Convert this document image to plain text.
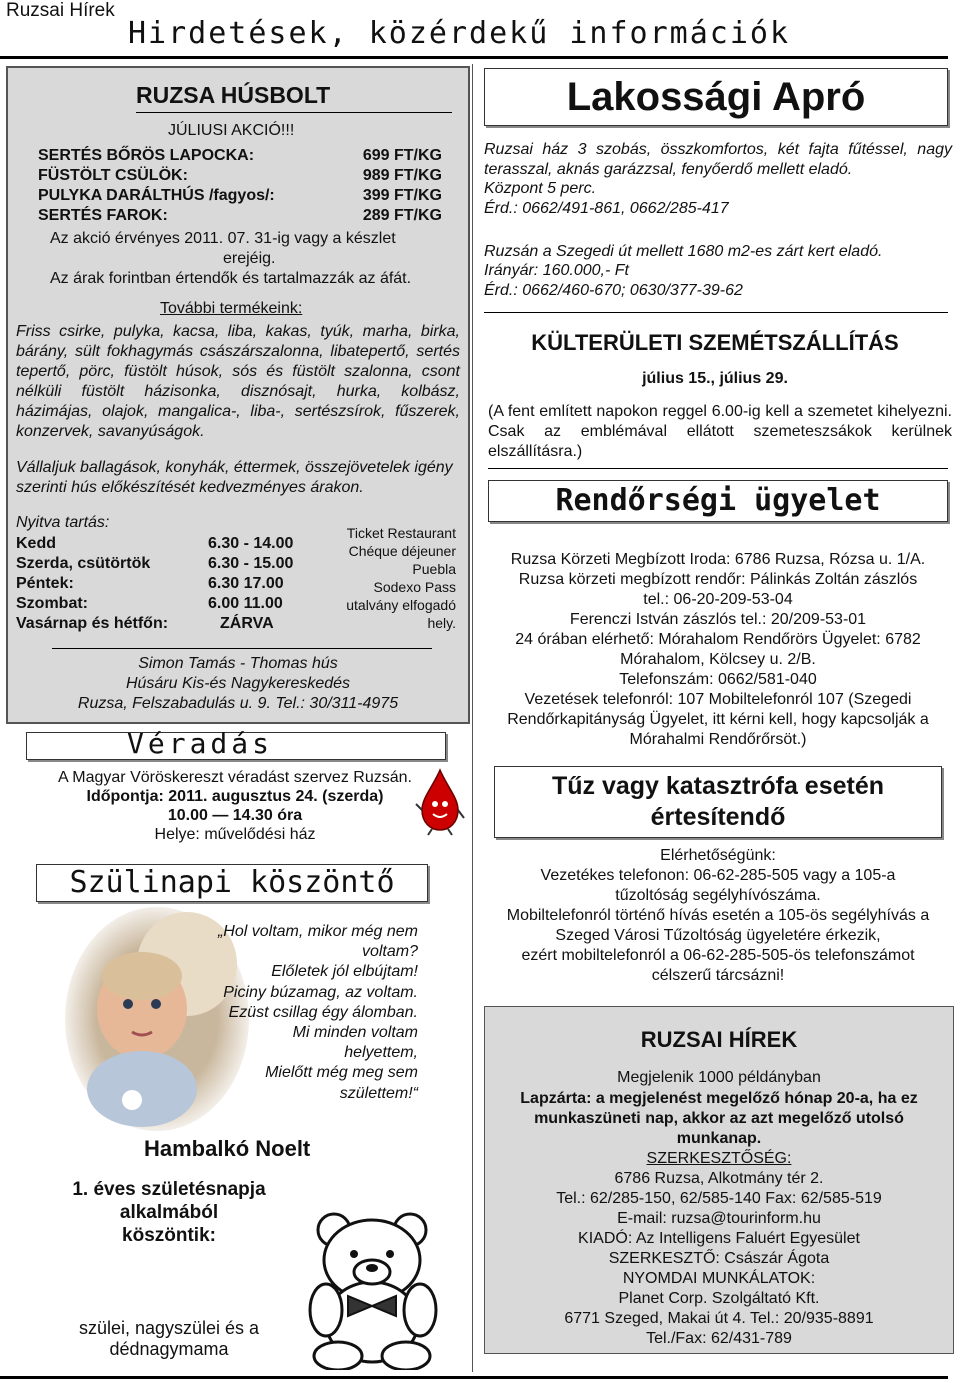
Ruzsai Hírek
Hirdetések, közérdekű információk
RUZSA HÚSBOLT
JÚLIUSI AKCIÓ!!!
SERTÉS BŐRÖS LAPOCKA:	699 FT/KG
FÜSTÖLT CSÜLÖK:	989 FT/KG
PULYKA DARÁLTHÚS /fagyos/:	399 FT/KG
SERTÉS FAROK:	289 FT/KG
Az akció érvényes 2011. 07. 31-ig vagy a készlet
erejéig.
Az árak forintban értendők és tartalmazzák az áfát.
További termékeink:

Friss csirke, pulyka, kacsa, liba, kakas, tyúk, marha, birka, bárány, sült fokhagymás császárszalonna, libatepertő, sertés tepertő, pörc, füstölt húsok, sós és füstölt szalonna, csont nélküli füstölt házisonka, disznósajt, hurka, kolbász, házimájas, olajok, mangalica-, liba-, sertészsírok, fűszerek, konzervek, savanyúságok.

Vállaljuk ballagások, konyhák, éttermek, összejövetelek igény szerinti hús előkészítését kedvezményes árakon.

Nyitva tartás:
Kedd	6.30 - 14.00
Szerda, csütörtök	6.30 - 15.00
Péntek:	6.30 17.00
Szombat:	6.00 11.00
Vasárnap és hétfőn:	ZÁRVA
Ticket Restaurant
Chéque déjeuner
Puebla
Sodexo Pass
utalvány elfogadó
hely.
Simon Tamás - Thomas hús
Húsáru Kis-és Nagykereskedés
Ruzsa, Felszabadulás u. 9. Tel.: 30/311-4975
Véradás
A Magyar Vöröskereszt véradást szervez Ruzsán.
Időpontja: 2011. augusztus 24. (szerda)
10.00 — 14.30 óra
Helye: művelődési ház
Szülinapi köszöntő
„Hol voltam, mikor még nem
voltam?
Előletek jól elbújtam!
Piciny búzamag, az voltam.
Ezüst csillag égy álomban.
Mi minden voltam
helyettem,
Mielőtt még meg sem
születtem!“
Hambalkó Noelt
1. éves születésnapja
alkalmából
köszöntik:
szülei, nagyszülei és a
dédnagymama
Lakossági Apró

Ruzsai ház 3 szobás, összkomfortos, két fajta fűtéssel, nagy terasszal, aknás garázzsal, fenyőerdő mellett eladó.

Központ 5 perc.
Érd.: 0662/491-861, 0662/285-417

Ruzsán a Szegedi út mellett 1680 m2-es zárt kert eladó.

Irányár: 160.000,- Ft
Érd.: 0662/460-670; 0630/377-39-62
KÜLTERÜLETI SZEMÉTSZÁLLÍTÁS
július 15., július 29.

(A fent említett napokon reggel 6.00-ig kell a szemetet kihelyezni. Csak az emblémával ellátott szemeteszsákok kerülnek elszállításra.)

Rendőrségi ügyelet
Ruzsa Körzeti Megbízott Iroda: 6786 Ruzsa, Rózsa u. 1/A.
Ruzsa körzeti megbízott rendőr: Pálinkás Zoltán zászlós
tel.: 06-20-209-53-04
Ferenczi István zászlós tel.: 20/209-53-01
24 órában elérhető: Mórahalom Rendőrörs Ügyelet: 6782
Mórahalom, Kölcsey u. 2/B.
Telefonszám: 0662/581-040
Vezetések telefonról: 107 Mobiltelefonról 107 (Szegedi
Rendőrkapitányság Ügyelet, itt kérni kell, hogy kapcsolják a
Mórahalmi Rendőrőrsöt.)
Tűz vagy katasztrófa esetén
értesítendő
Elérhetőségünk:
Vezetékes telefonon: 06-62-285-505 vagy a 105-a
tűzoltóság segélyhívószáma.
Mobiltelefonról történő hívás esetén a 105-ös segélyhívás a
Szeged Városi Tűzoltóság ügyeletére érkezik,
ezért mobiltelefonról a 06-62-285-505-ös telefonszámot
célszerű tárcsázni!
RUZSAI HÍREK
Megjelenik 1000 példányban

Lapzárta: a megjelenést megelőző hónap 20-a, ha ez munkaszüneti nap, akkor az azt megelőző utolsó munkanap.

SZERKESZTŐSÉG:
6786 Ruzsa, Alkotmány tér 2.
Tel.: 62/285-150, 62/585-140 Fax: 62/585-519
E-mail: ruzsa@tourinform.hu
KIADÓ: Az Intelligens Faluért Egyesület
SZERKESZTŐ: Császár Ágota
NYOMDAI MUNKÁLATOK:
Planet Corp. Szolgáltató Kft.
6771 Szeged, Makai út 4. Tel.: 20/935-8891
Tel./Fax: 62/431-789
